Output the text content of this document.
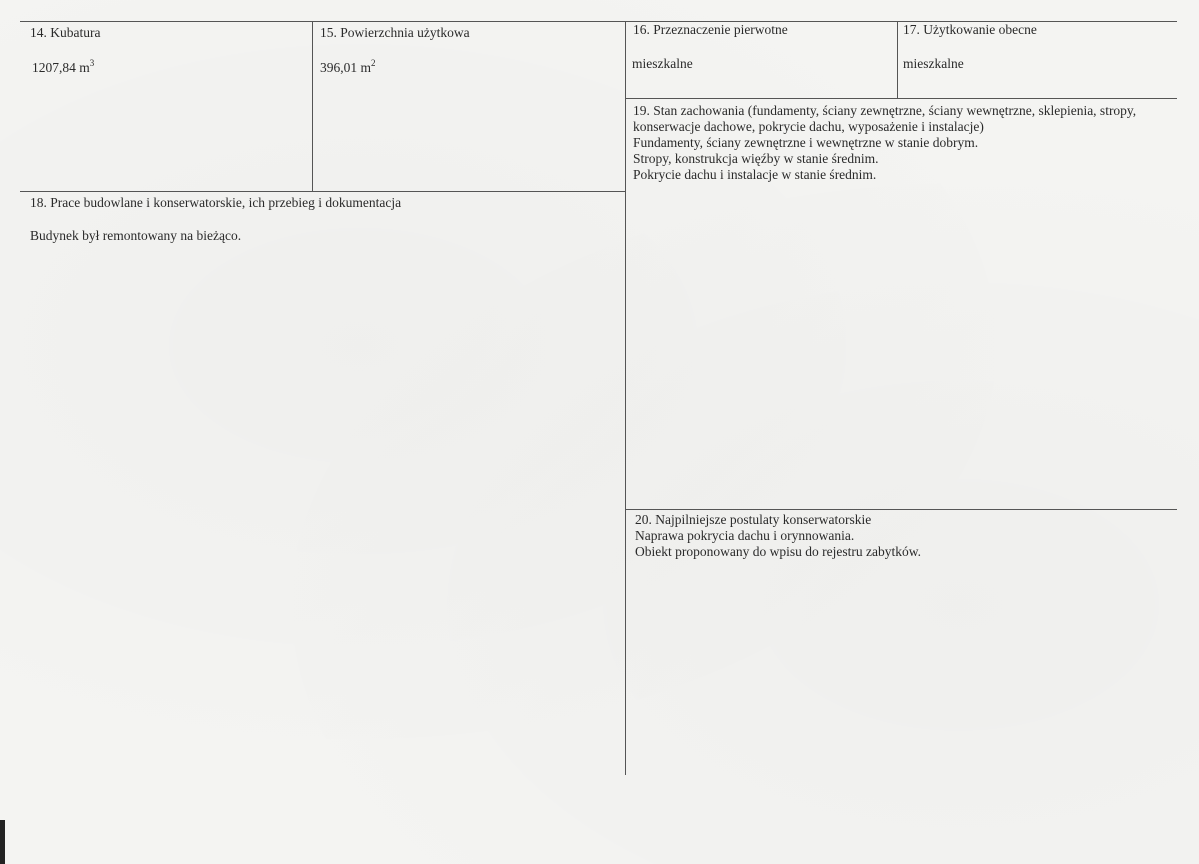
14. Kubatura
1207,84 $m^3$
15. Powierzchnia użytkowa
396,01 $m^2$
16. Przeznaczenie pierwotne
mieszkalne
17. Użytkowanie obecne
mieszkalne
19. Stan zachowania (fundamenty, ściany zewnętrzne, ściany wewnętrzne, sklepienia, stropy,
konserwacje dachowe, pokrycie dachu, wyposażenie i instalacje)
Fundamenty, ściany zewnętrzne i wewnętrzne w stanie dobrym.
Stropy, konstrukcja więźby w stanie średnim.
Pokrycie dachu i instalacje w stanie średnim.
18. Prace budowlane i konserwatorskie, ich przebieg i dokumentacja
Budynek był remontowany na bieżąco.
20. Najpilniejsze postulaty konserwatorskie
Naprawa pokrycia dachu i orynnowania.
Obiekt proponowany do wpisu do rejestru zabytków.
